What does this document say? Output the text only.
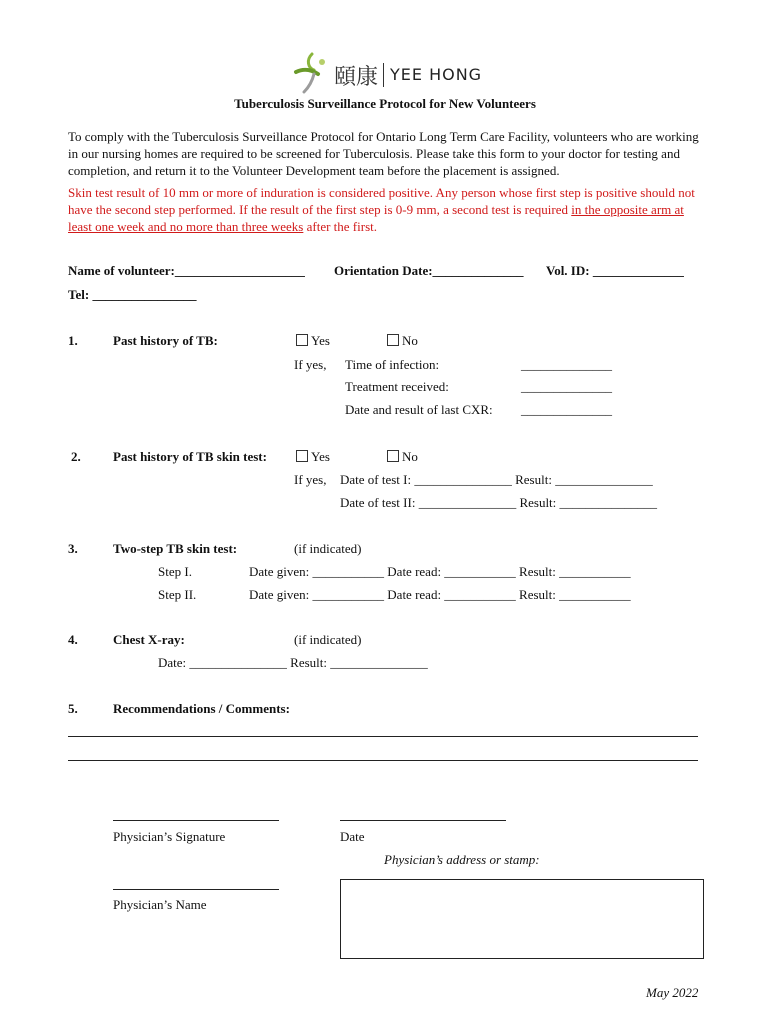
頤康 YEE HONG
Tuberculosis Surveillance Protocol for New Volunteers
To comply with the Tuberculosis Surveillance Protocol for Ontario Long Term Care Facility, volunteers who are working in our nursing homes are required to be screened for Tuberculosis. Please take this form to your doctor for testing and completion, and return it to the Volunteer Development team before the placement is assigned.
Skin test result of 10 mm or more of induration is considered positive. Any person whose first step is positive should not have the second step performed. If the result of the first step is 0-9 mm, a second test is required in the opposite arm at least one week and no more than three weeks after the first.
Name of volunteer:____________________ Orientation Date:______________ Vol. ID: ______________
Tel: ________________
1.	Past history of TB:	Yes	No
If yes, Time of infection:	______________
Treatment received:	______________
Date and result of last CXR: ______________
2. Past history of TB skin test:	Yes	No
If yes, Date of test I: _______________ Result: _______________
Date of test II: _______________ Result: _______________
3.	Two-step TB skin test:	(if indicated)
Step I.	Date given: ___________ Date read: ___________ Result: ___________
Step II.	Date given: ___________ Date read: ___________ Result: ___________
4.	Chest X-ray:	(if indicated)
Date: _______________ Result: _______________
5.	Recommendations / Comments:
Physician’s Signature	Date
Physician’s address or stamp:
Physician’s Name
May 2022
